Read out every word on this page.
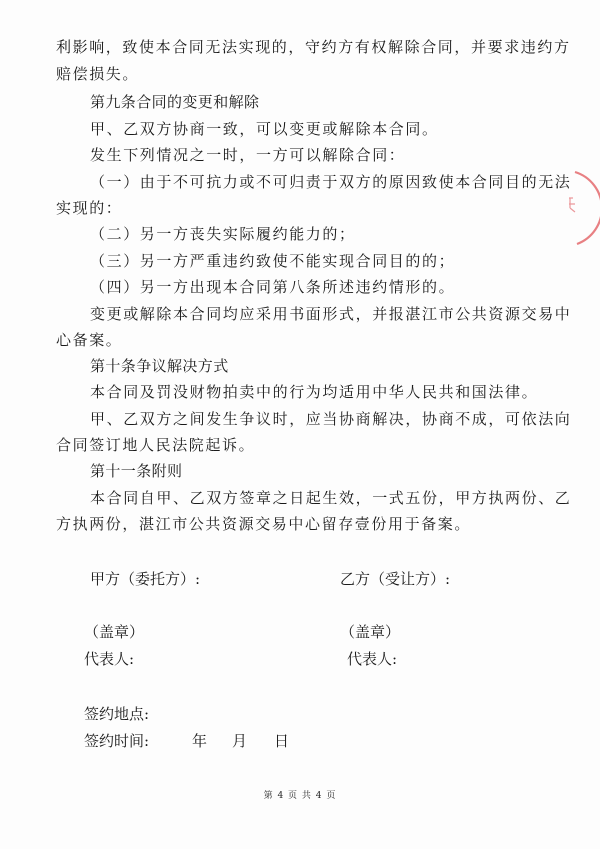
利影响，致使本合同无法实现的，守约方有权解除合同，并要求违约方
赔偿损失。
第九条合同的变更和解除
甲、乙双方协商一致，可以变更或解除本合同。
发生下列情况之一时，一方可以解除合同：
（一）由于不可抗力或不可归责于双方的原因致使本合同目的无法
实现的：
（二）另一方丧失实际履约能力的；
（三）另一方严重违约致使不能实现合同目的的；
（四）另一方出现本合同第八条所述违约情形的。
变更或解除本合同均应采用书面形式，并报湛江市公共资源交易中
心备案。
第十条争议解决方式
本合同及罚没财物拍卖中的行为均适用中华人民共和国法律。
甲、乙双方之间发生争议时，应当协商解决，协商不成，可依法向
合同签订地人民法院起诉。
第十一条附则
本合同自甲、乙双方签章之日起生效，一式五份，甲方执两份、乙
方执两份，湛江市公共资源交易中心留存壹份用于备案。
甲方（委托方）:	乙方（受让方）:
（盖章）	（盖章）
代表人:	代表人:
签约地点:
签约时间:	年 月 日
第 4 页 共 4 页
